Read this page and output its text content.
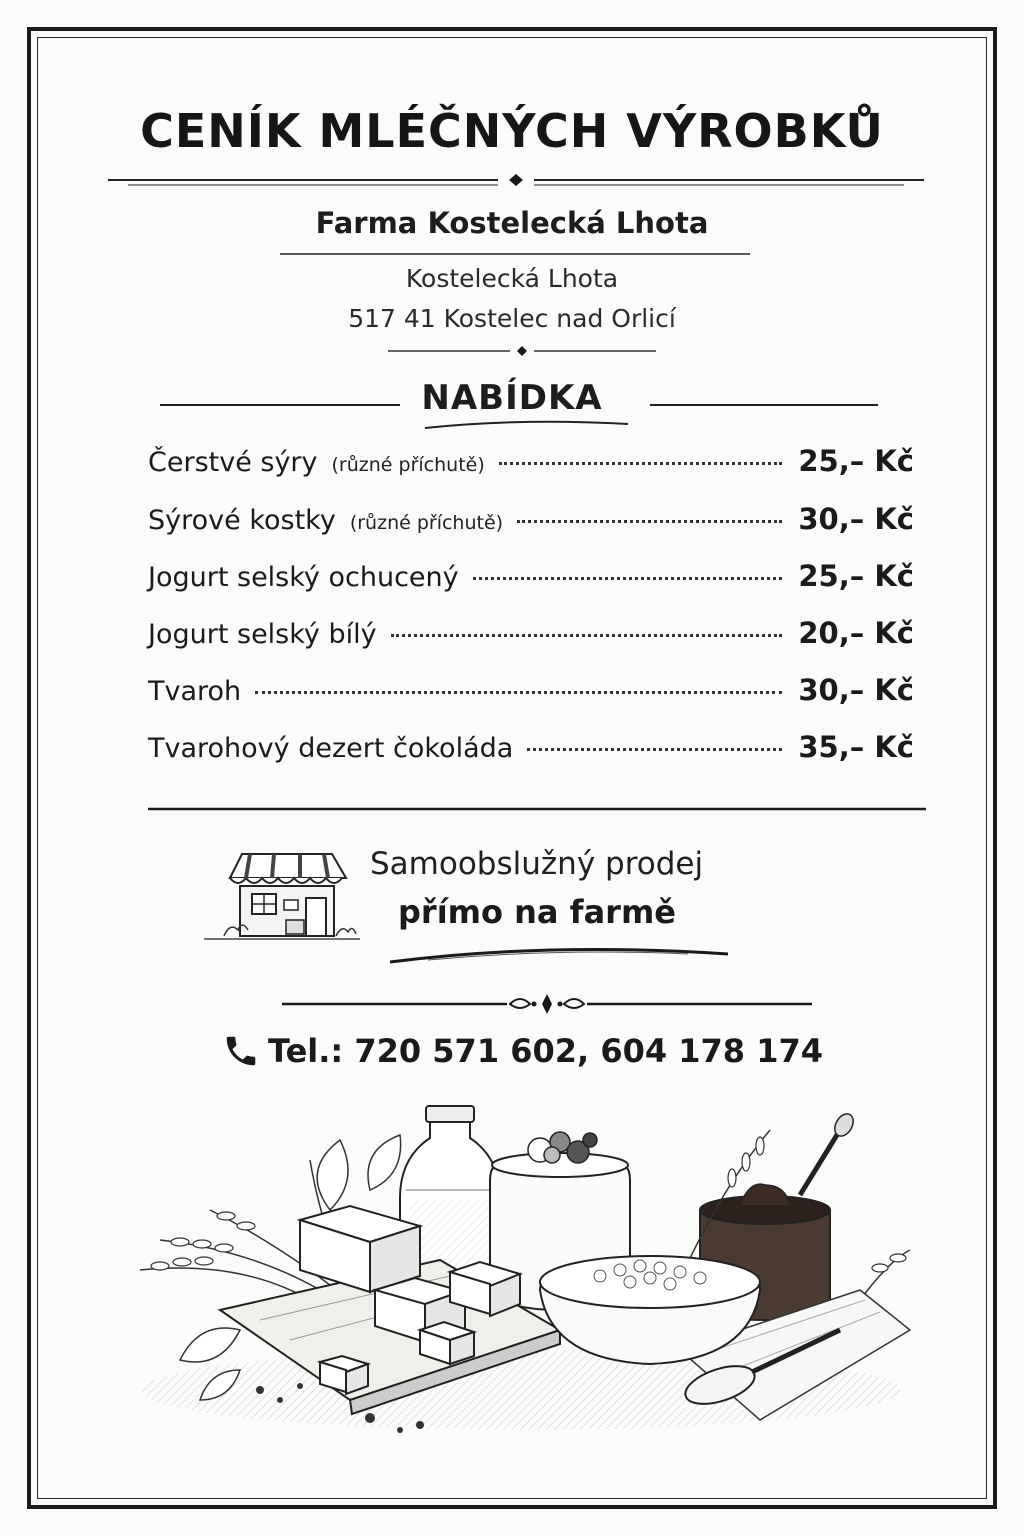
CENÍK MLÉČNÝCH VÝROBKŮ
Farma Kostelecká Lhota
Kostelecká Lhota
517 41 Kostelec nad Orlicí
NABÍDKA
Čerstvé sýry (různé příchutě)	25,– Kč
Sýrové kostky (různé příchutě)	30,– Kč
Jogurt selský ochucený	25,– Kč
Jogurt selský bílý	20,– Kč
Tvaroh	30,– Kč
Tvarohový dezert čokoláda	35,– Kč
Samoobslužný prodej
přímo na farmě
Tel.: 720 571 602, 604 178 174
